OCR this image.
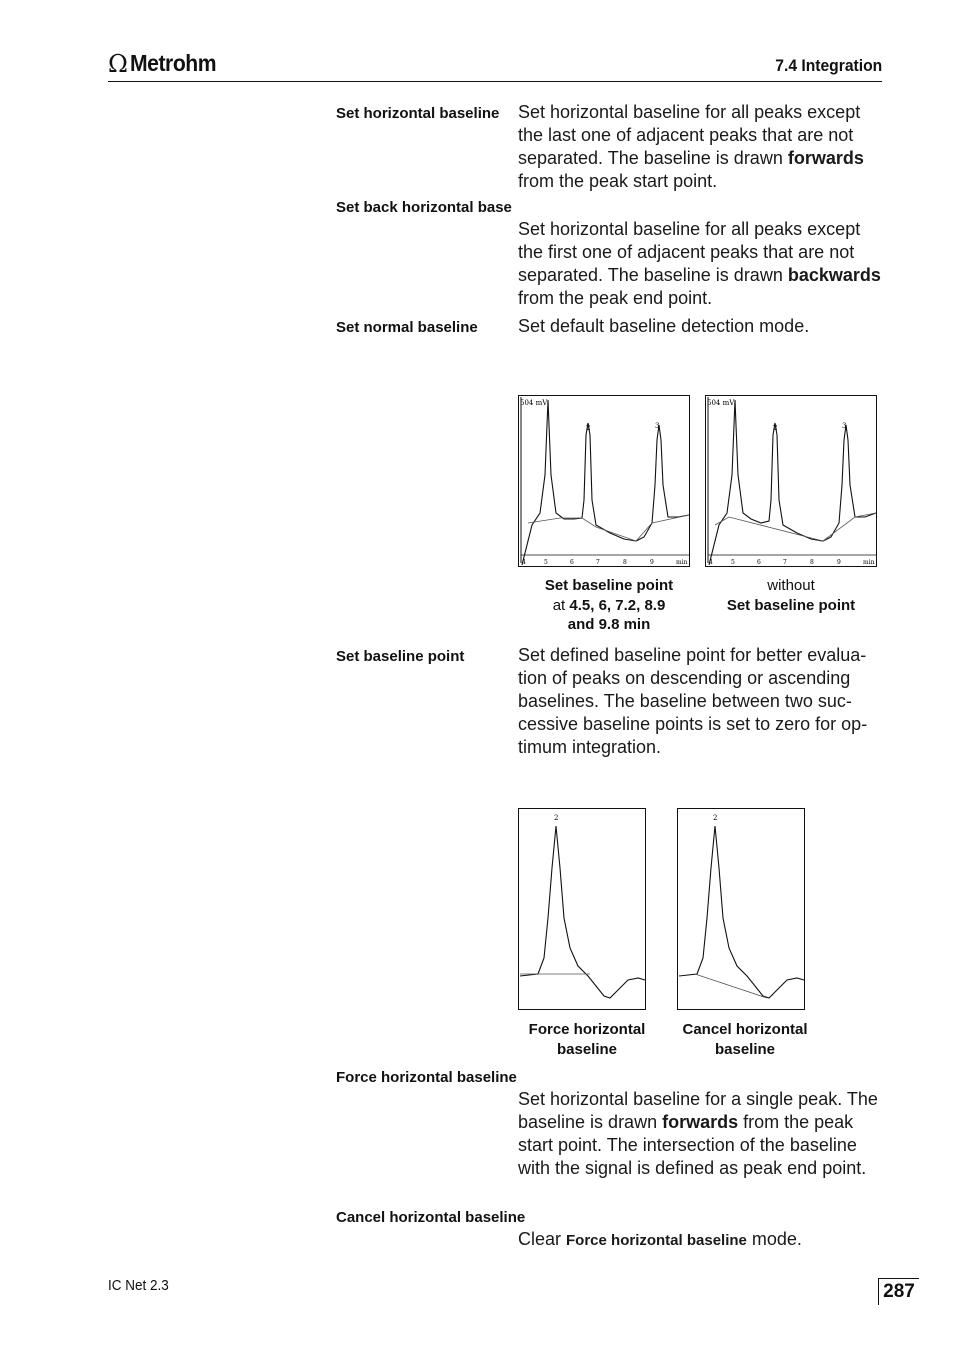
Ω Metrohm	7.4 Integration
Set horizontal baseline Set horizontal baseline for all peaks except the last one of adjacent peaks that are not separated. The baseline is drawn forwards from the peak start point.
Set back horizontal base
Set horizontal baseline for all peaks except the first one of adjacent peaks that are not separated. The baseline is drawn backwards from the peak end point.
Set normal baseline Set default baseline detection mode.
504 mV
2	3
4	5	6	7	8	9	min
504 mV
2	3
4	5	6	7	8	9	min
Set baseline point
at 4.5, 6, 7.2, 8.9
and 9.8 min
without
Set baseline point
Set baseline point	Set defined baseline point for better evaluation of peaks on descending or ascending baselines. The baseline between two successive baseline points is set to zero for optimum integration.
2	2
Force horizontal
baseline
Cancel horizontal
baseline
Force horizontal baseline
Set horizontal baseline for a single peak. The baseline is drawn forwards from the peak start point. The intersection of the baseline with the signal is defined as peak end point.
Cancel horizontal baseline
Clear Force horizontal baseline mode.
IC Net 2.3	287
